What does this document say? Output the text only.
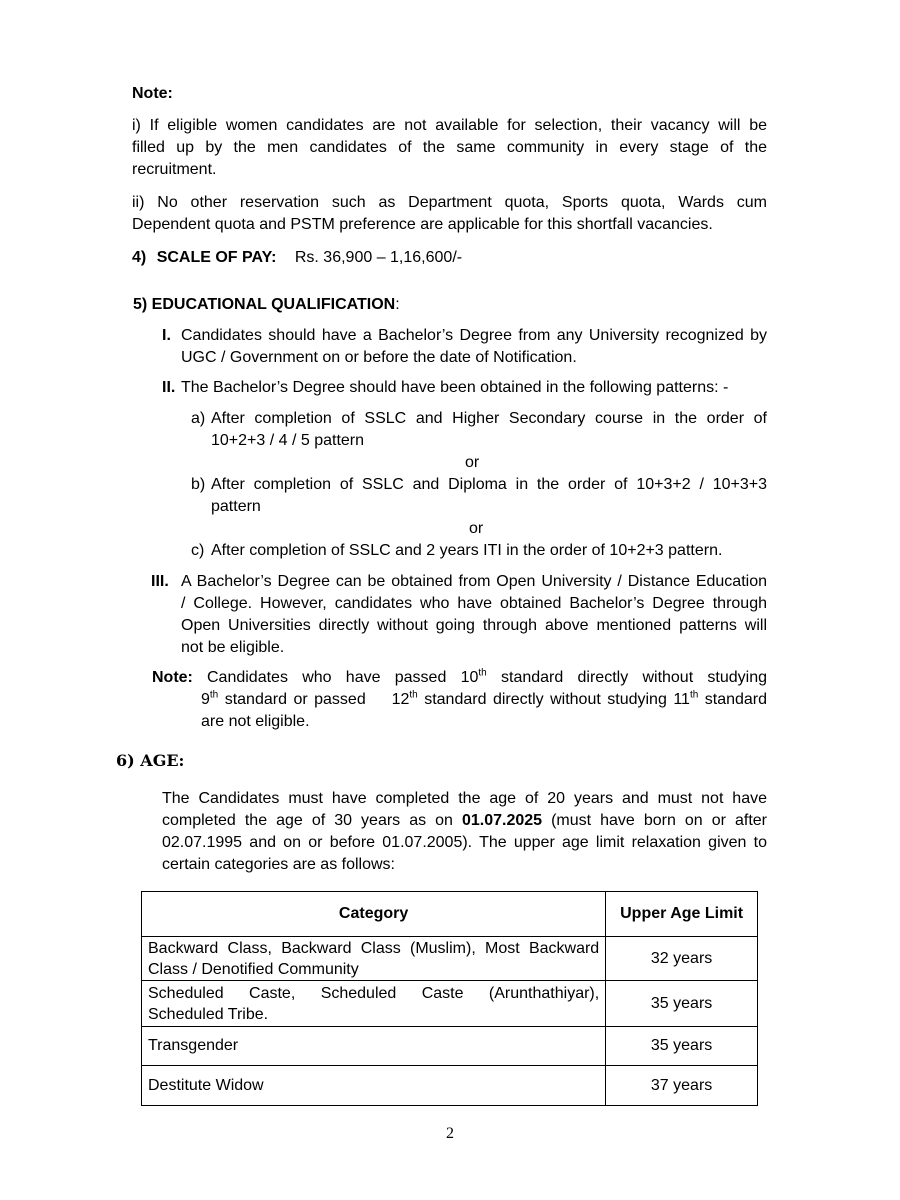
Note:
i) If eligible women candidates are not available for selection, their vacancy will be
filled up by the men candidates of the same community in every stage of the
recruitment.
ii) No other reservation such as Department quota, Sports quota, Wards cum
Dependent quota and PSTM preference are applicable for this shortfall vacancies.
4) SCALE OF PAY: Rs. 36,900 – 1,16,600/-
5) EDUCATIONAL QUALIFICATION:
I. Candidates should have a Bachelor’s Degree from any University recognized by
UGC / Government on or before the date of Notification.
II. The Bachelor’s Degree should have been obtained in the following patterns: -
a) After completion of SSLC and Higher Secondary course in the order of
10+2+3 / 4 / 5 pattern
or
b) After completion of SSLC and Diploma in the order of 10+3+2 / 10+3+3
pattern
or
c) After completion of SSLC and 2 years ITI in the order of 10+2+3 pattern.
III. A Bachelor’s Degree can be obtained from Open University / Distance Education
/ College. However, candidates who have obtained Bachelor’s Degree through
Open Universities directly without going through above mentioned patterns will
not be eligible.
Note: Candidates who have passed 10th standard directly without studying
9th standard or passed    12th standard directly without studying 11th standard
are not eligible.
6) AGE:
The Candidates must have completed the age of 20 years and must not have
completed the age of 30 years as on 01.07.2025 (must have born on or after
02.07.1995 and on or before 01.07.2005). The upper age limit relaxation given to
certain categories are as follows:
Category	Upper Age Limit

Backward Class, Backward Class (Muslim), Most Backward
Class / Denotified Community	32 years

Scheduled Caste, Scheduled Caste (Arunthathiyar),
Scheduled Tribe.	35 years
Transgender	35 years
Destitute Widow	37 years
2
